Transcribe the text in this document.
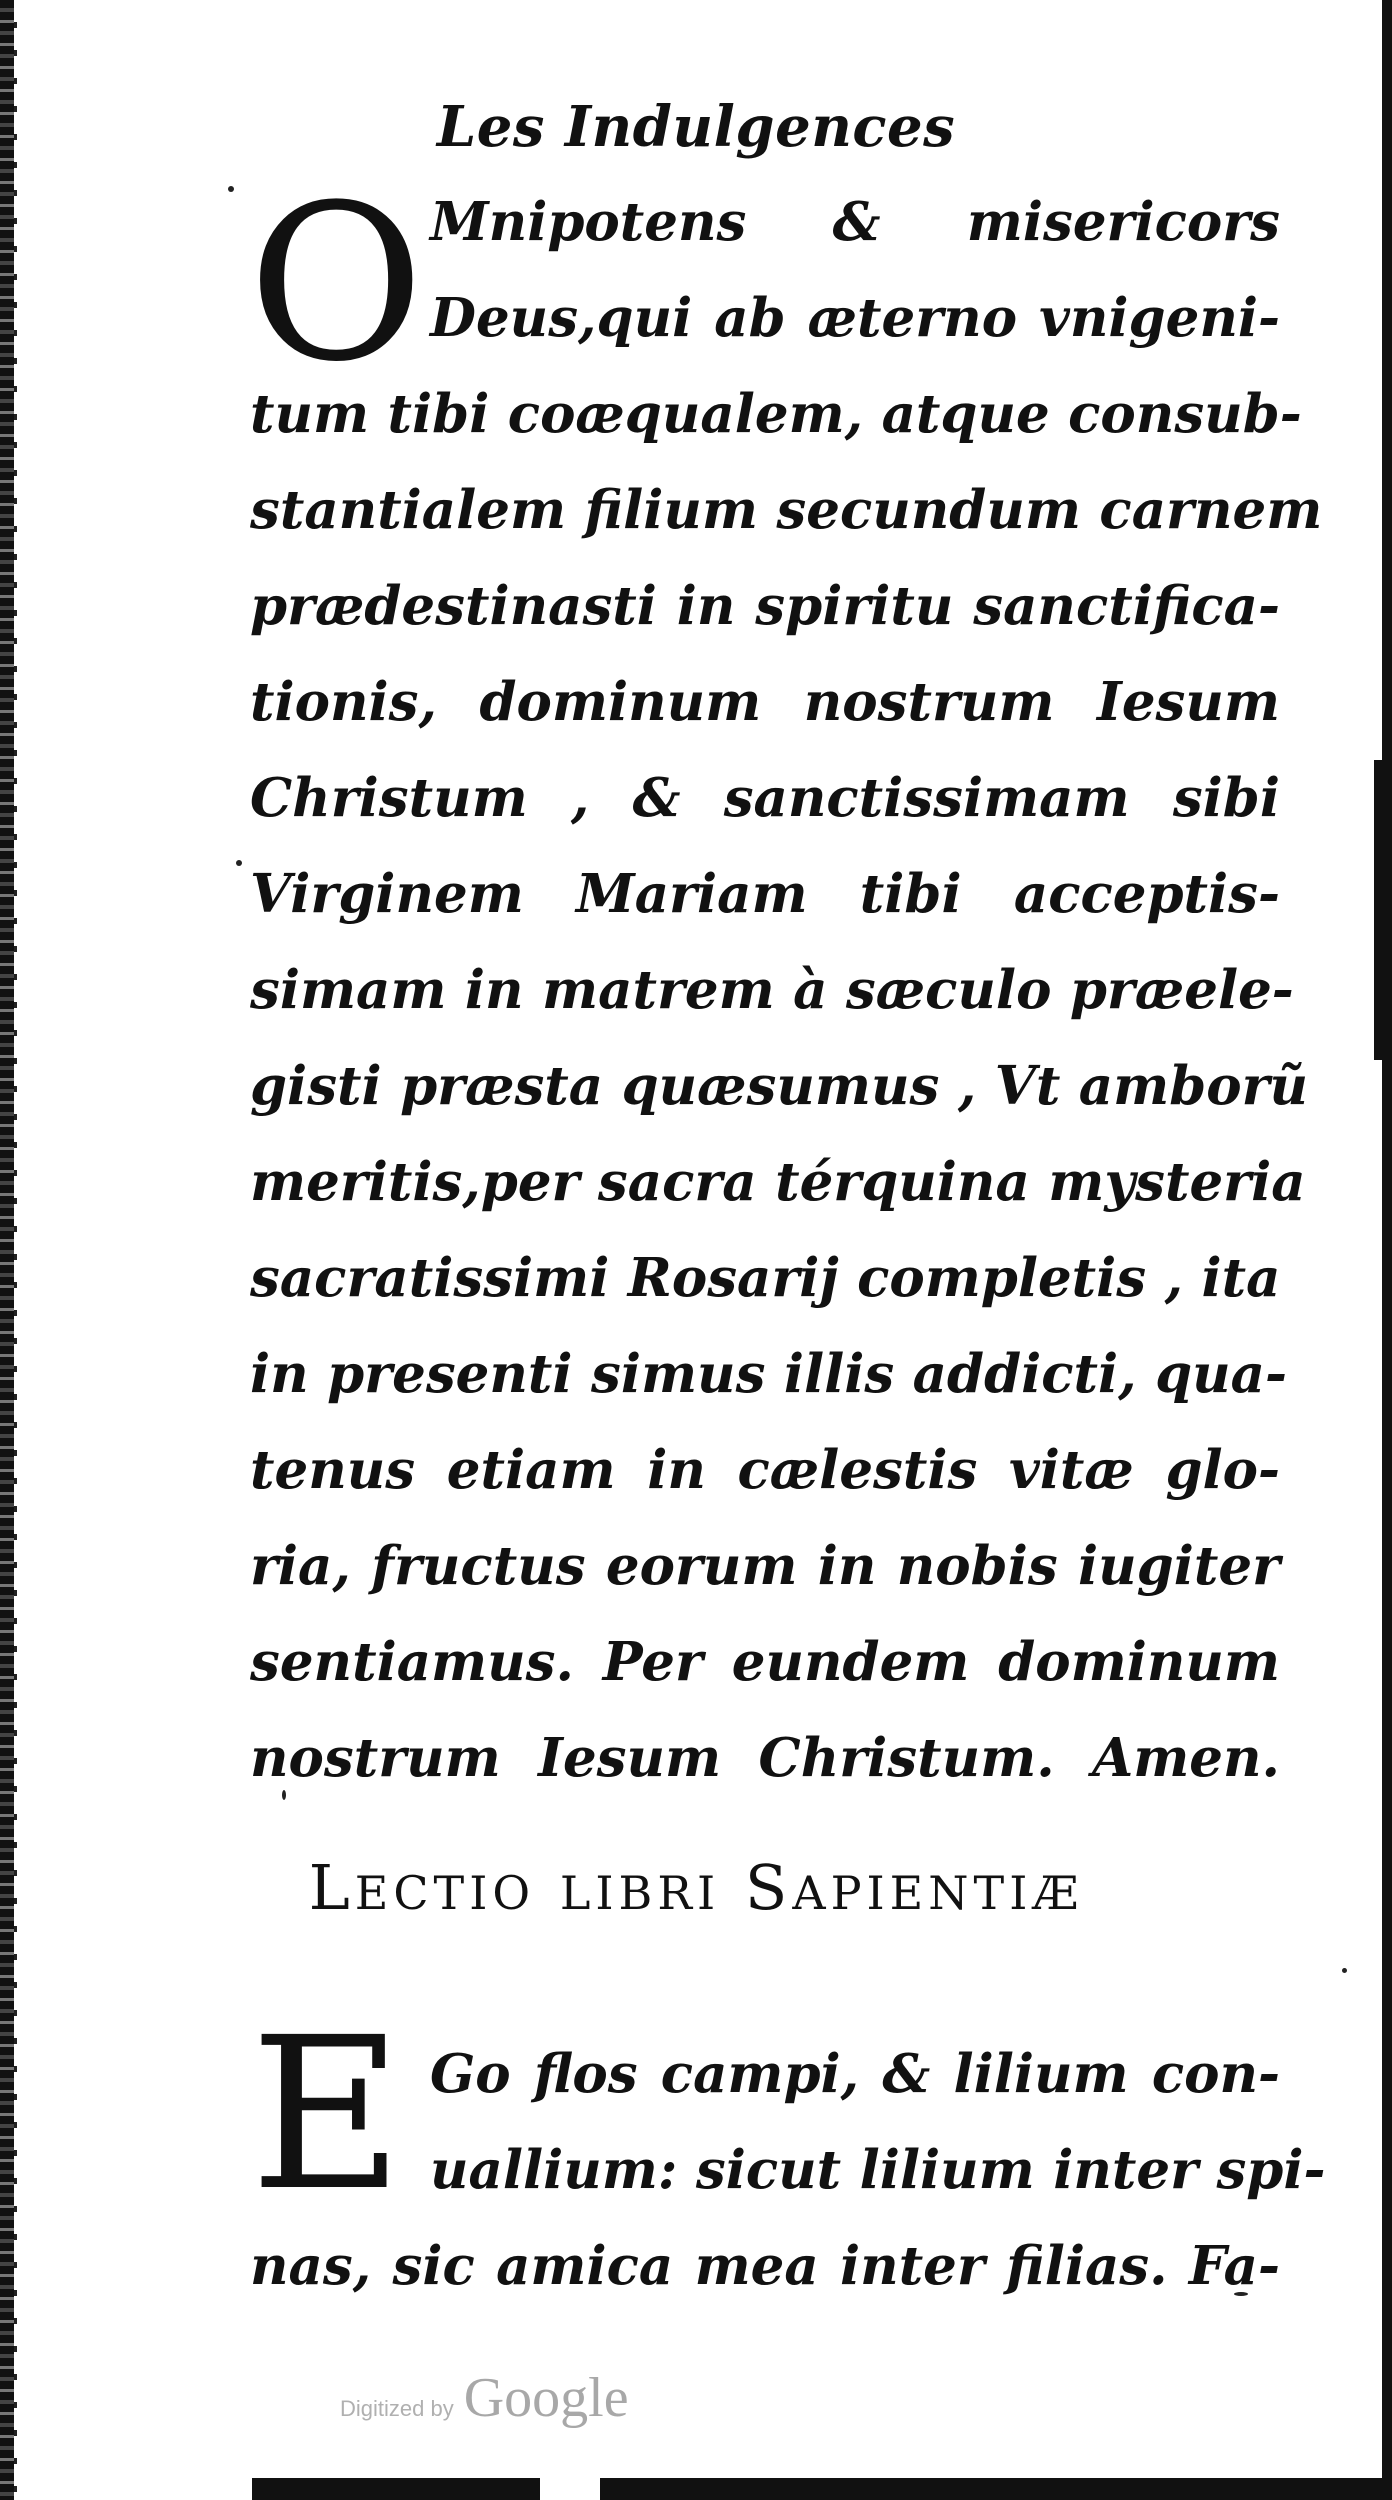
Les Indulgences
O Mnipotens & misericors
Deus,qui ab æterno vnigeni-
tum tibi coæqualem, atque consub-
stantialem filium secundum carnem
prædestinasti in spiritu sanctifica-
tionis, dominum nostrum Iesum
Christum , & sanctissimam sibi
Virginem Mariam tibi acceptis-
simam in matrem à sæculo præele-
gisti præsta quæsumus , Vt amborũ
meritis,per sacra térquina mysteria
sacratissimi Rosarij completis , ita
in presenti simus illis addicti, qua-
tenus etiam in cælestis vitæ glo-
ria, fructus eorum in nobis iugiter
sentiamus. Per eundem dominum
nostrum Iesum Christum. Amen.
LECTIO LIBRI SAPIENTIÆ
E Go flos campi, & lilium con-
uallium: sicut lilium inter spi-
nas, sic amica mea inter filias. Fa-
Digitized by Google
